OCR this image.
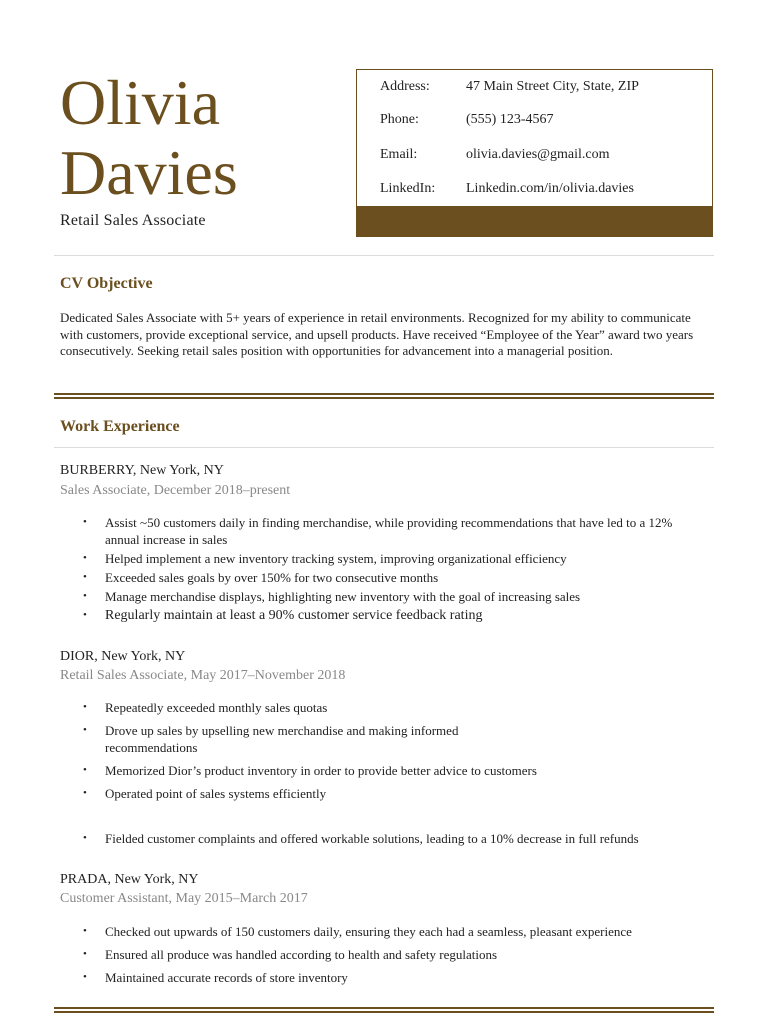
Olivia
Davies
Retail Sales Associate
Address:	47 Main Street City, State, ZIP
Phone:	(555) 123-4567
Email:	olivia.davies@gmail.com
LinkedIn: Linkedin.com/in/olivia.davies
CV Objective
Dedicated Sales Associate with 5+ years of experience in retail environments. Recognized for my ability to communicate with customers, provide exceptional service, and upsell products. Have received “Employee of the Year” award two years consecutively. Seeking retail sales position with opportunities for advancement into a managerial position.
Work Experience
BURBERRY, New York, NY
Sales Associate, December 2018–present
• Assist ~50 customers daily in finding merchandise, while providing recommendations that have led to a 12% annual increase in sales
• Helped implement a new inventory tracking system, improving organizational efficiency
• Exceeded sales goals by over 150% for two consecutive months
• Manage merchandise displays, highlighting new inventory with the goal of increasing sales
• Regularly maintain at least a 90% customer service feedback rating
DIOR, New York, NY
Retail Sales Associate, May 2017–November 2018
• Repeatedly exceeded monthly sales quotas
• Drove up sales by upselling new merchandise and making informed recommendations
• Memorized Dior’s product inventory in order to provide better advice to customers
• Operated point of sales systems efficiently
• Fielded customer complaints and offered workable solutions, leading to a 10% decrease in full refunds
PRADA, New York, NY
Customer Assistant, May 2015–March 2017
• Checked out upwards of 150 customers daily, ensuring they each had a seamless, pleasant experience
• Ensured all produce was handled according to health and safety regulations
• Maintained accurate records of store inventory
